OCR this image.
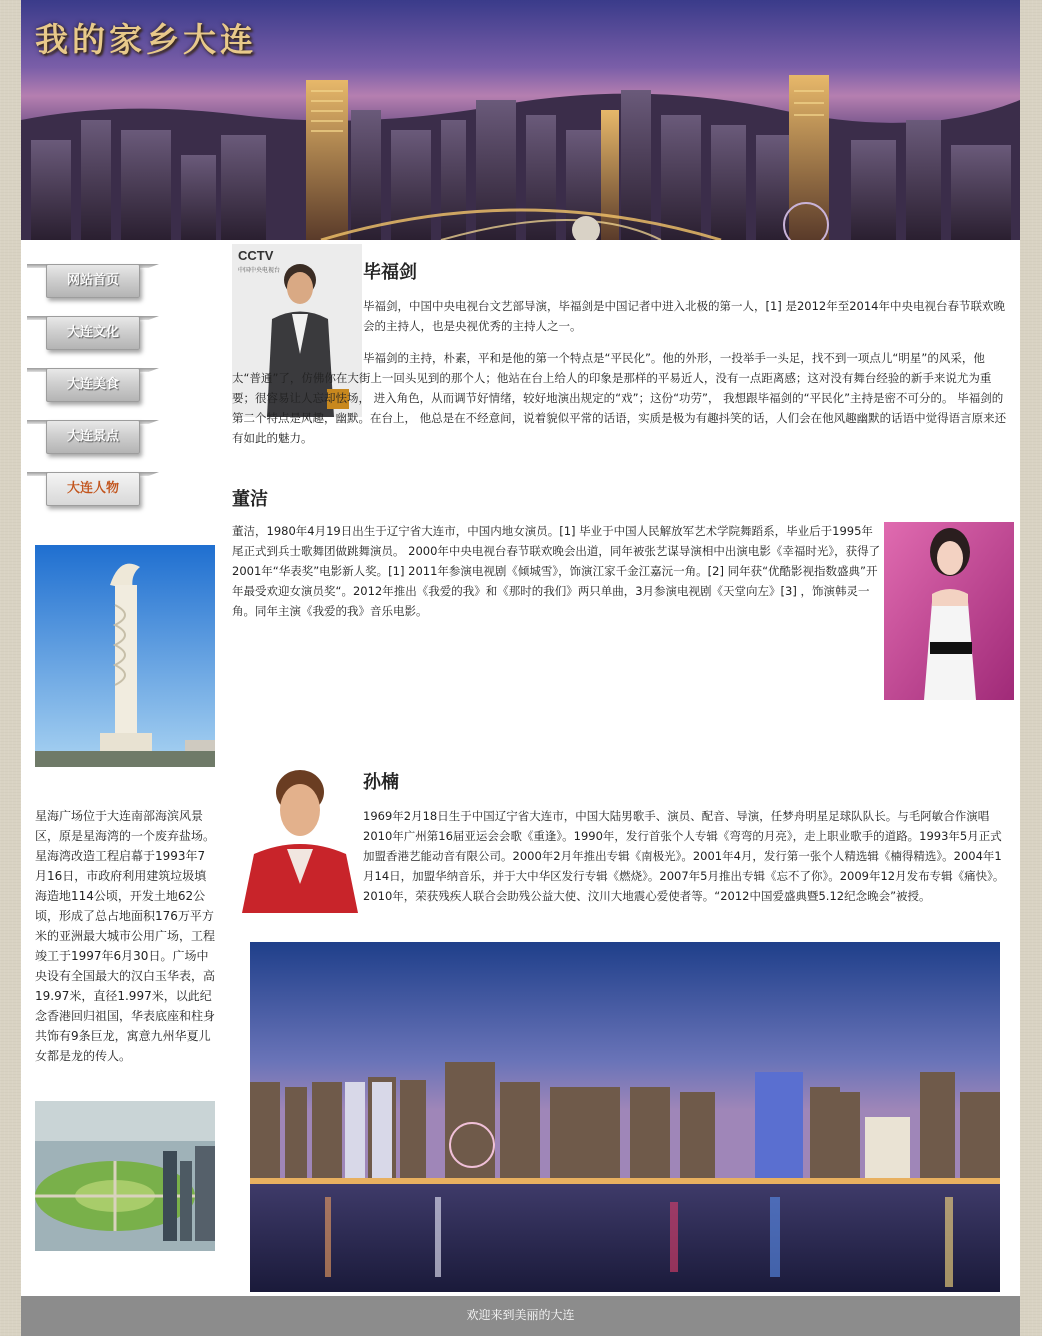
我的家乡大连
网站首页
大连文化
大连美食
大连景点
大连人物
星海广场位于大连南部海滨风景区，原是星海湾的一个废弃盐场。星海湾改造工程启幕于1993年7月16日，市政府利用建筑垃圾填海造地114公顷，开发土地62公顷，形成了总占地面积176万平方米的亚洲最大城市公用广场，工程竣工于1997年6月30日。广场中央设有全国最大的汉白玉华表，高19.97米，直径1.997米，以此纪念香港回归祖国，华表底座和柱身共饰有9条巨龙，寓意九州华夏儿女都是龙的传人。
CCTV
中国中央电视台	毕福剑

毕福剑，中国中央电视台文艺部导演，毕福剑是中国记者中进入北极的第一人，[1] 是2012年至2014年中央电视台春节联欢晚会的主持人，也是央视优秀的主持人之一。

毕福剑的主持，朴素，平和是他的第一个特点是“平民化”。他的外形，一投举手一头足，找不到一项点儿“明星”的风采，他太“普通”了，仿佛你在大街上一回头见到的那个人；他站在台上给人的印象是那样的平易近人，没有一点距离感；这对没有舞台经验的新手来说尤为重要；很容易让人忘却怯场， 进入角色，从而调节好情绪，较好地演出规定的“戏”；这份“功劳”， 我想跟毕福剑的“平民化”主持是密不可分的。 毕福剑的第二个特点是风趣，幽默。在台上， 他总是在不经意间，说着貌似平常的话语，实质是极为有趣抖笑的话，人们会在他风趣幽默的话语中觉得语言原来还有如此的魅力。

董洁

董洁，1980年4月19日出生于辽宁省大连市，中国内地女演员。[1] 毕业于中国人民解放军艺术学院舞蹈系，毕业后于1995年尾正式到兵士歌舞团做跳舞演员。 2000年中央电视台春节联欢晚会出道，同年被张艺谋导演相中出演电影《幸福时光》，获得了2001年“华表奖”电影新人奖。[1] 2011年参演电视剧《倾城雪》，饰演江家千金江嘉沅一角。[2] 同年获“优酷影视指数盛典”开年最受欢迎女演员奖“。2012年推出《我爱的我》和《那时的我们》两只单曲，3月参演电视剧《天堂向左》[3] ，饰演韩灵一角。同年主演《我爱的我》音乐电影。

孙楠

1969年2月18日生于中国辽宁省大连市，中国大陆男歌手、演员、配音、导演，任梦舟明星足球队队长。与毛阿敏合作演唱2010年广州第16届亚运会会歌《重逢》。1990年，发行首张个人专辑《弯弯的月亮》，走上职业歌手的道路。1993年5月正式加盟香港艺能动音有限公司。2000年2月年推出专辑《南极光》。2001年4月，发行第一张个人精选辑《楠得精选》。2004年1月14日，加盟华纳音乐，并于大中华区发行专辑《燃烧》。2007年5月推出专辑《忘不了你》。2009年12月发布专辑《痛快》。2010年，荣获残疾人联合会助残公益大使、汶川大地震心爱使者等。“2012中国爱盛典暨5.12纪念晚会”被授。

欢迎来到美丽的大连
